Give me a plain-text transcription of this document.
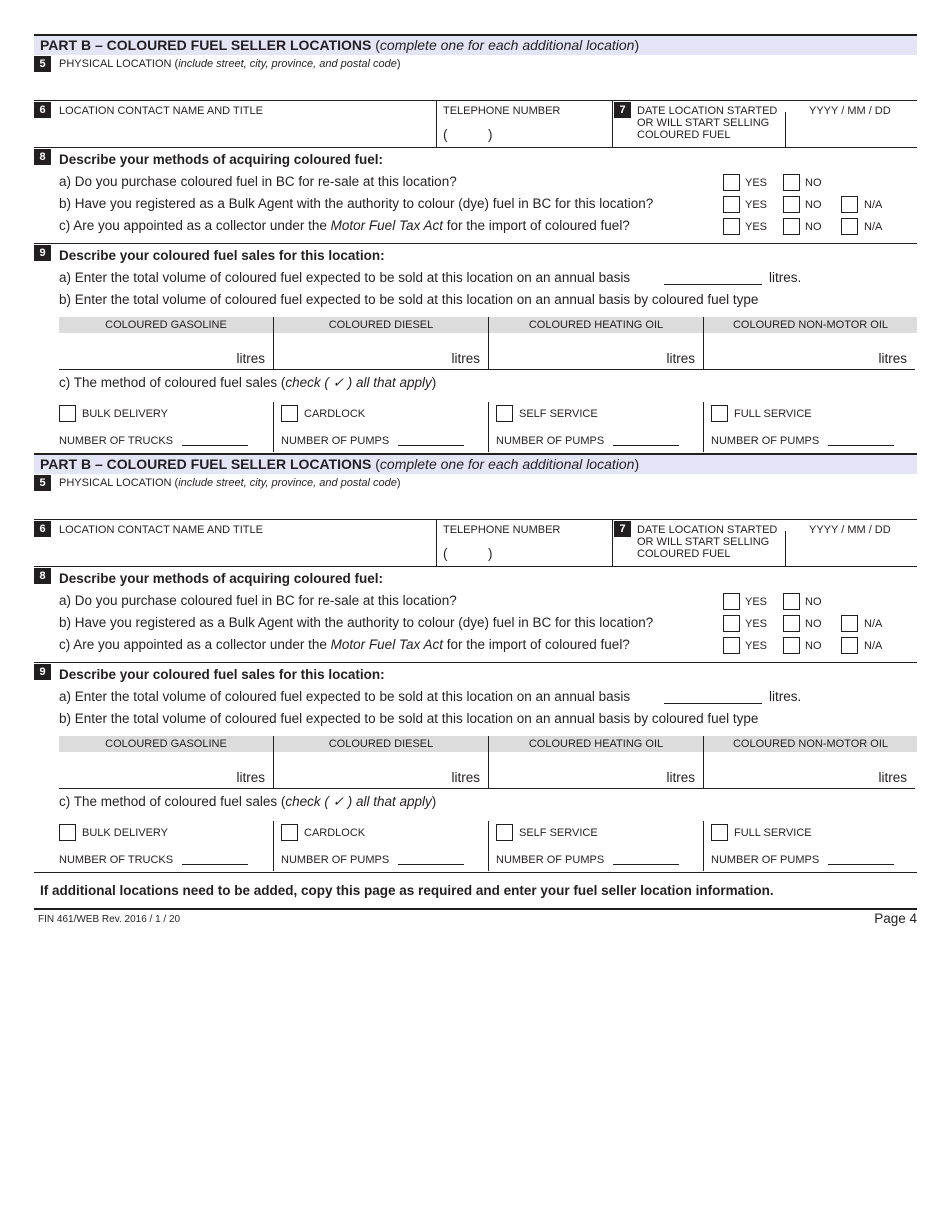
PART B – COLOURED FUEL SELLER LOCATIONS (complete one for each additional location)
5	PHYSICAL LOCATION (include street, city, province, and postal code)
6	LOCATION CONTACT NAME AND TITLE	TELEPHONE NUMBER
(	)
7	DATE LOCATION STARTED
OR WILL START SELLING
COLOURED FUEL
YYYY / MM / DD
8 Describe your methods of acquiring coloured fuel:
a) Do you purchase coloured fuel in BC for re-sale at this location?	YES	NO
b) Have you registered as a Bulk Agent with the authority to colour (dye) fuel in BC for this location?	YES	NO	N/A
c) Are you appointed as a collector under the Motor Fuel Tax Act for the import of coloured fuel?	YES	NO	N/A
9 Describe your coloured fuel sales for this location:
a) Enter the total volume of coloured fuel expected to be sold at this location on an annual basis	litres.
b) Enter the total volume of coloured fuel expected to be sold at this location on an annual basis by coloured fuel type
COLOURED GASOLINE	COLOURED DIESEL	COLOURED HEATING OIL	COLOURED NON-MOTOR OIL
litres	litres	litres	litres
c) The method of coloured fuel sales (check ( ✓ ) all that apply)
BULK DELIVERY	CARDLOCK	SELF SERVICE	FULL SERVICE
NUMBER OF TRUCKS	NUMBER OF PUMPS	NUMBER OF PUMPS	NUMBER OF PUMPS
PART B – COLOURED FUEL SELLER LOCATIONS (complete one for each additional location)
5	PHYSICAL LOCATION (include street, city, province, and postal code)
6	LOCATION CONTACT NAME AND TITLE	TELEPHONE NUMBER
(	)
7	DATE LOCATION STARTED
OR WILL START SELLING
COLOURED FUEL
YYYY / MM / DD
8 Describe your methods of acquiring coloured fuel:
a) Do you purchase coloured fuel in BC for re-sale at this location?	YES	NO
b) Have you registered as a Bulk Agent with the authority to colour (dye) fuel in BC for this location?	YES	NO	N/A
c) Are you appointed as a collector under the Motor Fuel Tax Act for the import of coloured fuel?	YES	NO	N/A
9 Describe your coloured fuel sales for this location:
a) Enter the total volume of coloured fuel expected to be sold at this location on an annual basis	litres.
b) Enter the total volume of coloured fuel expected to be sold at this location on an annual basis by coloured fuel type
COLOURED GASOLINE	COLOURED DIESEL	COLOURED HEATING OIL	COLOURED NON-MOTOR OIL
litres	litres	litres	litres
c) The method of coloured fuel sales (check ( ✓ ) all that apply)
BULK DELIVERY	CARDLOCK	SELF SERVICE	FULL SERVICE
NUMBER OF TRUCKS	NUMBER OF PUMPS	NUMBER OF PUMPS	NUMBER OF PUMPS
If additional locations need to be added, copy this page as required and enter your fuel seller location information.
FIN 461/WEB Rev. 2016 / 1 / 20	Page 4
